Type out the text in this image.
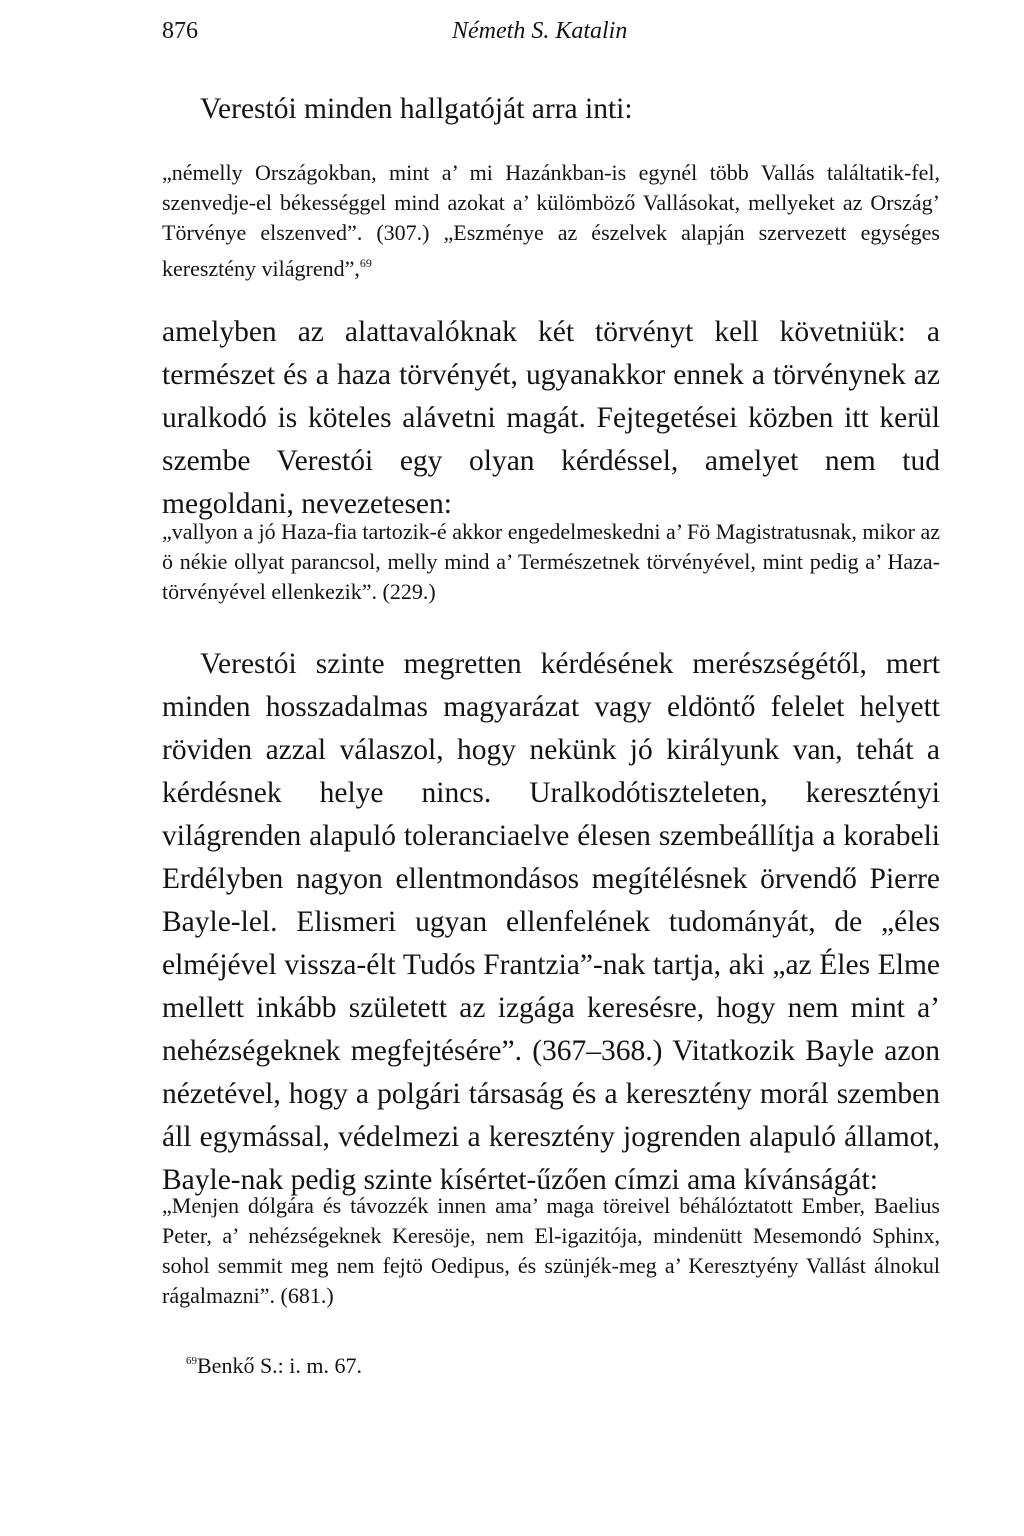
876	Németh S. Katalin

Verestói minden hallgatóját arra inti:

„némelly Országokban, mint a’ mi Hazánkban-is egynél több Vallás találtatik-fel, szenvedje-el békességgel mind azokat a’ külömböző Vallásokat, mellyeket az Ország’ Törvénye elszenved”. (307.) „Eszménye az észelvek alapján szervezett egységes keresztény világrend”,$^{69}$

amelyben az alattavalóknak két törvényt kell követniük: a természet és a haza törvényét, ugyanakkor ennek a törvénynek az uralkodó is köteles alávetni magát. Fejtegetései közben itt kerül szembe Verestói egy olyan kérdéssel, amelyet nem tud megoldani, nevezetesen:

„vallyon a jó Haza-fia tartozik-é akkor engedelmeskedni a’ Fö Magistratusnak, mikor az ö nékie ollyat parancsol, melly mind a’ Természetnek törvényével, mint pedig a’ Haza-törvényével ellenkezik”. (229.)

Verestói szinte megretten kérdésének merészségétől, mert minden hosszadalmas magyarázat vagy eldöntő felelet helyett röviden azzal válaszol, hogy nekünk jó királyunk van, tehát a kérdésnek helye nincs. Uralkodótiszteleten, keresztényi világrenden alapuló toleranciaelve élesen szembeállítja a korabeli Erdélyben nagyon ellentmondásos megítélésnek örvendő Pierre Bayle-lel. Elismeri ugyan ellenfelének tudományát, de „éles elméjével vissza-élt Tudós Frantzia”-nak tartja, aki „az Éles Elme mellett inkább született az izgága keresésre, hogy nem mint a’ nehézségeknek megfejtésére”. (367–368.) Vitatkozik Bayle azon nézetével, hogy a polgári társaság és a keresztény morál szemben áll egymással, védelmezi a keresztény jogrenden alapuló államot, Bayle-nak pedig szinte kísértet-űzően címzi ama kívánságát:

„Menjen dólgára és távozzék innen ama’ maga töreivel béhálóztatott Ember, Baelius Peter, a’ nehézségeknek Keresöje, nem El-igazitója, mindenütt Mesemondó Sphinx, sohol semmit meg nem fejtö Oedipus, és szünjék-meg a’ Keresztyény Vallást álnokul rágalmazni”. (681.)

$^{69}$Benkő S.: i. m. 67.
